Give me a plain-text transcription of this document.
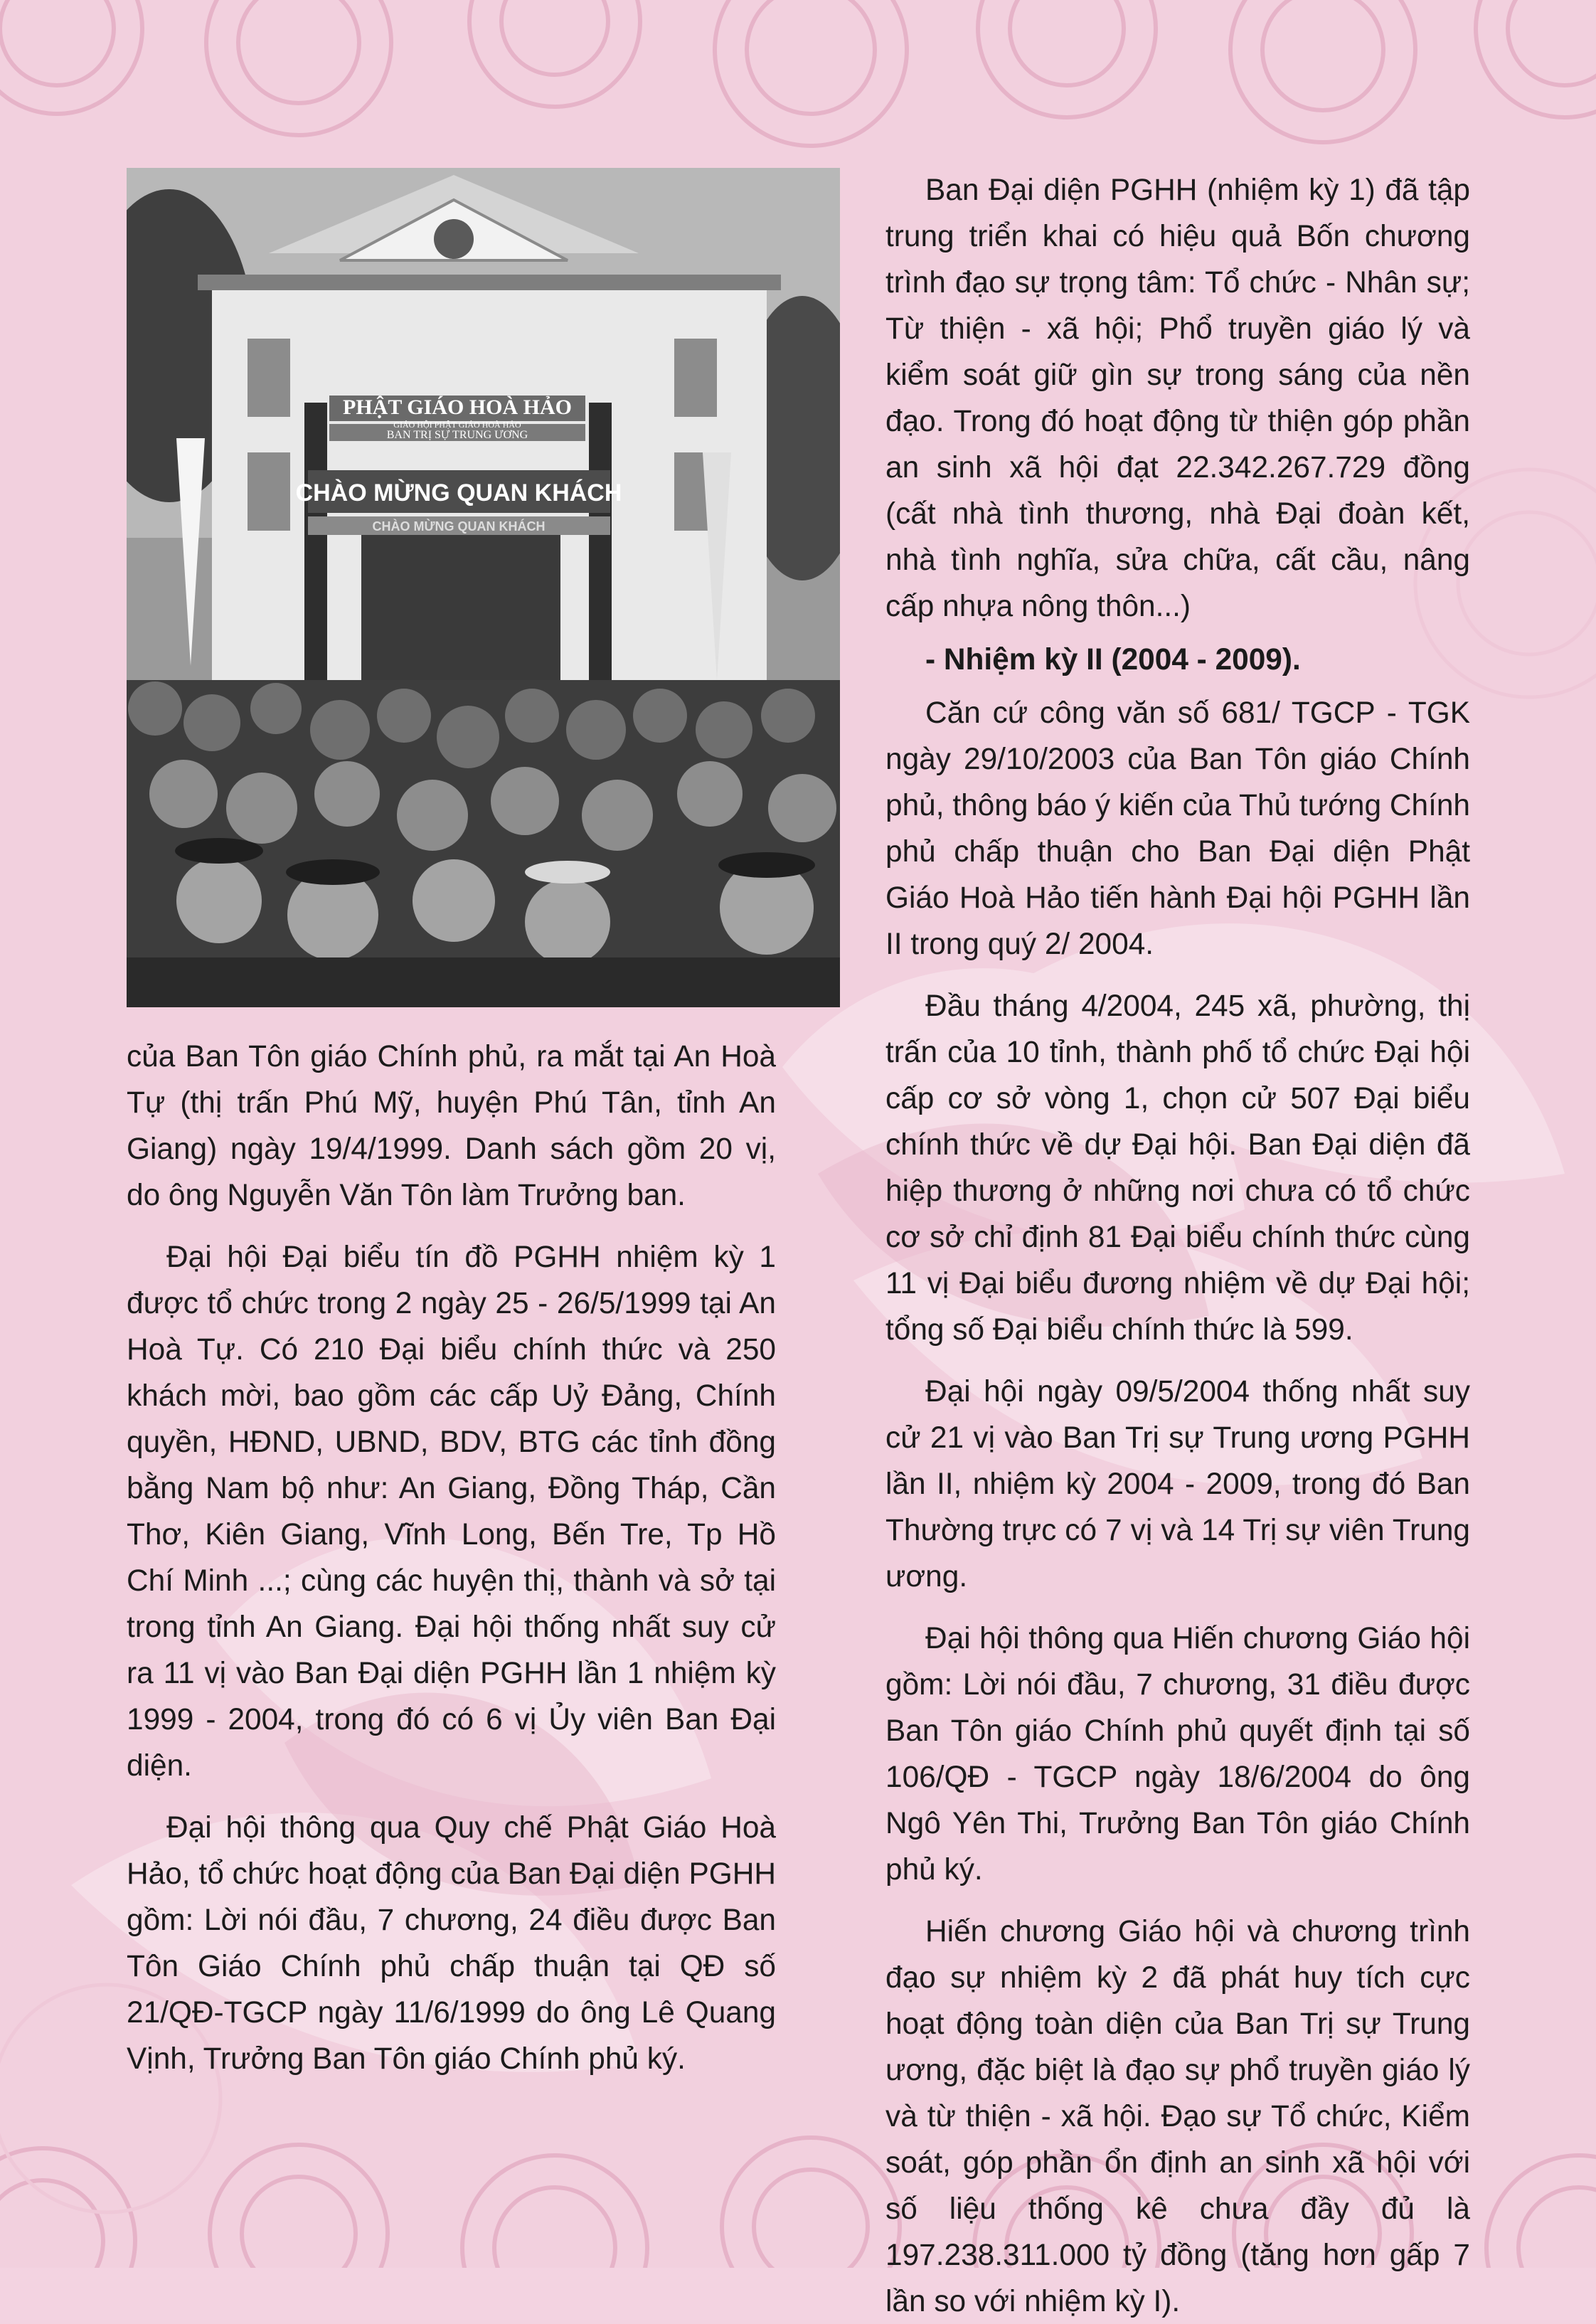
PHẬT GIÁO HOÀ HẢO
GIÁO HỘI PHẬT GIÁO HOÀ HẢO
BAN TRỊ SỰ TRUNG ƯƠNG
CHÀO MỪNG QUAN KHÁCH
CHÀO MỪNG QUAN KHÁCH

của Ban Tôn giáo Chính phủ, ra mắt tại An Hoà Tự (thị trấn Phú Mỹ, huyện Phú Tân, tỉnh An Giang) ngày 19/4/1999. Danh sách gồm 20 vị, do ông Nguyễn Văn Tôn làm Trưởng ban.

Đại hội Đại biểu tín đồ PGHH nhiệm kỳ 1 được tổ chức trong 2 ngày 25 - 26/5/1999 tại An Hoà Tự. Có 210 Đại biểu chính thức và 250 khách mời, bao gồm các cấp Uỷ Đảng, Chính quyền, HĐND, UBND, BDV, BTG các tỉnh đồng bằng Nam bộ như: An Giang, Đồng Tháp, Cần Thơ, Kiên Giang, Vĩnh Long, Bến Tre, Tp Hồ Chí Minh ...; cùng các huyện thị, thành và sở tại trong tỉnh An Giang. Đại hội thống nhất suy cử ra 11 vị vào Ban Đại diện PGHH lần 1 nhiệm kỳ 1999 - 2004, trong đó có 6 vị Ủy viên Ban Đại diện.

Đại hội thông qua Quy chế Phật Giáo Hoà Hảo, tổ chức hoạt động của Ban Đại diện PGHH gồm: Lời nói đầu, 7 chương, 24 điều được Ban Tôn Giáo Chính phủ chấp thuận tại QĐ số 21/QĐ-TGCP ngày 11/6/1999 do ông Lê Quang Vịnh, Trưởng Ban Tôn giáo Chính phủ ký.

Ban Đại diện PGHH (nhiệm kỳ 1) đã tập trung triển khai có hiệu quả Bốn chương trình đạo sự trọng tâm: Tổ chức - Nhân sự; Từ thiện - xã hội; Phổ truyền giáo lý và kiểm soát giữ gìn sự trong sáng của nền đạo. Trong đó hoạt động từ thiện góp phần an sinh xã hội đạt 22.342.267.729 đồng (cất nhà tình thương, nhà Đại đoàn kết, nhà tình nghĩa, sửa chữa, cất cầu, nâng cấp nhựa nông thôn...)

- Nhiệm kỳ II (2004 - 2009).

Căn cứ công văn số 681/ TGCP - TGK ngày 29/10/2003 của Ban Tôn giáo Chính phủ, thông báo ý kiến của Thủ tướng Chính phủ chấp thuận cho Ban Đại diện Phật Giáo Hoà Hảo tiến hành Đại hội PGHH lần II trong quý 2/ 2004.

Đầu tháng 4/2004, 245 xã, phường, thị trấn của 10 tỉnh, thành phố tổ chức Đại hội cấp cơ sở vòng 1, chọn cử 507 Đại biểu chính thức về dự Đại hội. Ban Đại diện đã hiệp thương ở những nơi chưa có tổ chức cơ sở chỉ định 81 Đại biểu chính thức cùng 11 vị Đại biểu đương nhiệm về dự Đại hội; tổng số Đại biểu chính thức là 599.

Đại hội ngày 09/5/2004 thống nhất suy cử 21 vị vào Ban Trị sự Trung ương PGHH lần II, nhiệm kỳ 2004 - 2009, trong đó Ban Thường trực có 7 vị và 14 Trị sự viên Trung ương.

Đại hội thông qua Hiến chương Giáo hội gồm: Lời nói đầu, 7 chương, 31 điều được Ban Tôn giáo Chính phủ quyết định tại số 106/QĐ - TGCP ngày 18/6/2004 do ông Ngô Yên Thi, Trưởng Ban Tôn giáo Chính phủ ký.

Hiến chương Giáo hội và chương trình đạo sự nhiệm kỳ 2 đã phát huy tích cực hoạt động toàn diện của Ban Trị sự Trung ương, đặc biệt là đạo sự phổ truyền giáo lý và từ thiện - xã hội. Đạo sự Tổ chức, Kiểm soát, góp phần ổn định an sinh xã hội với số liệu thống kê chưa đầy đủ là 197.238.311.000 tỷ đồng (tăng hơn gấp 7 lần so với nhiệm kỳ I).
